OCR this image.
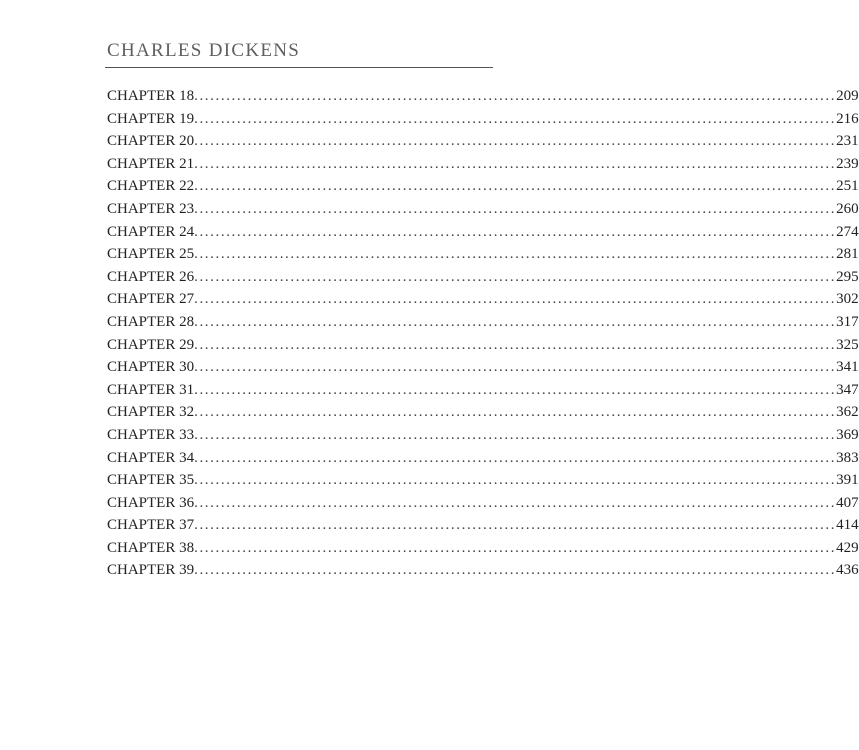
CHARLES DICKENS
CHAPTER 18 ........................................................................................................................ 209
CHAPTER 19 ........................................................................................................................ 216
CHAPTER 20 ........................................................................................................................ 231
CHAPTER 21 ........................................................................................................................ 239
CHAPTER 22 ........................................................................................................................ 251
CHAPTER 23 ........................................................................................................................ 260
CHAPTER 24 ........................................................................................................................ 274
CHAPTER 25 ........................................................................................................................ 281
CHAPTER 26 ........................................................................................................................ 295
CHAPTER 27 ........................................................................................................................ 302
CHAPTER 28 ........................................................................................................................ 317
CHAPTER 29 ........................................................................................................................ 325
CHAPTER 30 ........................................................................................................................ 341
CHAPTER 31 ........................................................................................................................ 347
CHAPTER 32 ........................................................................................................................ 362
CHAPTER 33 ........................................................................................................................ 369
CHAPTER 34 ........................................................................................................................ 383
CHAPTER 35 ........................................................................................................................ 391
CHAPTER 36 ........................................................................................................................ 407
CHAPTER 37 ........................................................................................................................ 414
CHAPTER 38 ........................................................................................................................ 429
CHAPTER 39 ........................................................................................................................ 436
